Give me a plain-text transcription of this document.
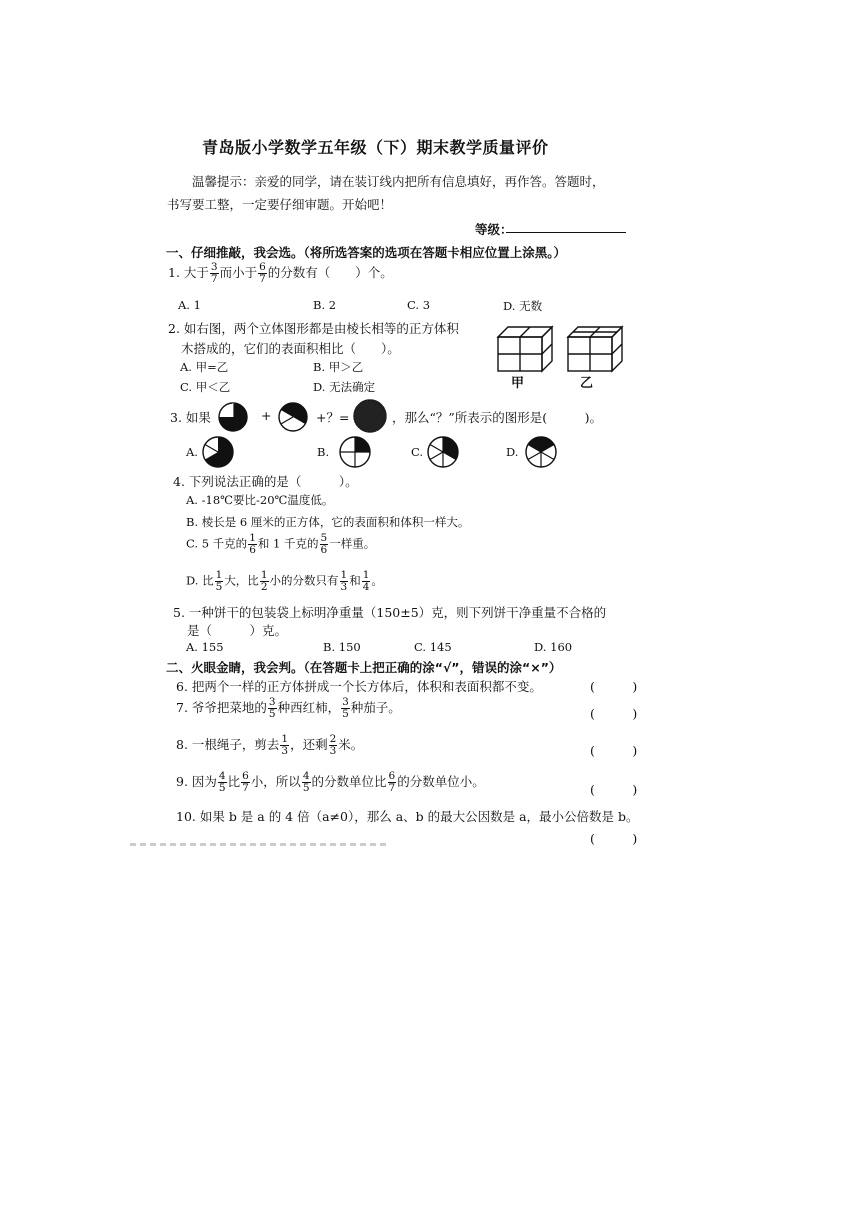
青岛版小学数学五年级（下）期末教学质量评价
温馨提示：亲爱的同学，请在装订线内把所有信息填好，再作答。答题时，
书写要工整，一定要仔细审题。开始吧！
等级：
一、仔细推敲，我会选。（将所选答案的选项在答题卡相应位置上涂黑。）
1. 大于 $\frac{3}{7}$ 而小于 $\frac{6}{7}$ 的分数有（　　）个。
A. 1	B. 2	C. 3	D. 无数
2. 如右图，两个立体图形都是由棱长相等的正方体积
木搭成的，它们的表面积相比（　　）。
A. 甲=乙	B. 甲＞乙
C. 甲＜乙	D. 无法确定	甲	乙
3. 如果	+	+？=	，那么“？”所表示的图形是(　　　)。
A.	B.	C.	D.
4. 下列说法正确的是（　　　）。
A. -18℃要比-20℃温度低。
B. 棱长是 6 厘米的正方体，它的表面积和体积一样大。
C. 5 千克的 $\frac{1}{6}$ 和 1 千克的 $\frac{5}{6}$ 一样重。
D. 比 $\frac{1}{5}$ 大，比 $\frac{1}{2}$ 小的分数只有 $\frac{1}{3}$ 和 $\frac{1}{4}$ 。
5. 一种饼干的包装袋上标明净重量（150±5）克，则下列饼干净重量不合格的
是（　　　）克。
A. 155	B. 150	C. 145	D. 160
二、火眼金睛，我会判。（在答题卡上把正确的涂“√”，错误的涂“×”）
6. 把两个一样的正方体拼成一个长方体后，体积和表面积都不变。	(　　　)
7. 爷爷把菜地的 $\frac{3}{5}$ 种西红柿， $\frac{3}{5}$ 种茄子。	(　　　)
8. 一根绳子，剪去 $\frac{1}{3}$ ，还剩 $\frac{2}{3}$ 米。	(　　　)
9. 因为 $\frac{4}{5}$ 比 $\frac{6}{7}$ 小，所以 $\frac{4}{5}$ 的分数单位比 $\frac{6}{7}$ 的分数单位小。
(　　　)
10. 如果 b 是 a 的 4 倍（a≠0），那么 a、b 的最大公因数是 a，最小公倍数是 b。
(　　　)
